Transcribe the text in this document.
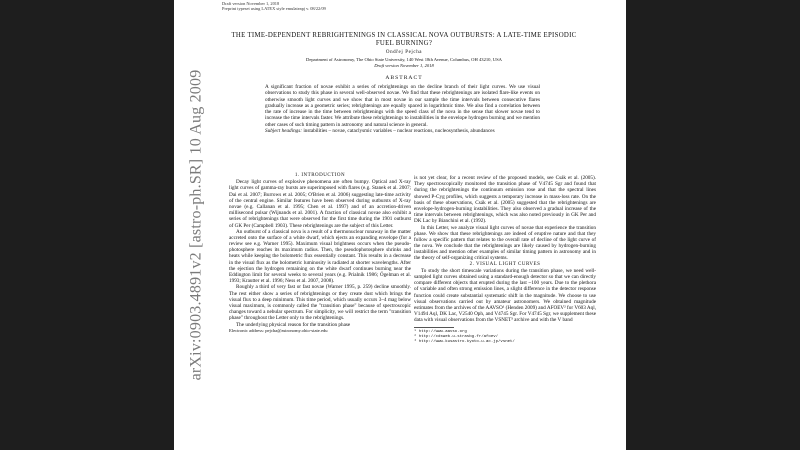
arXiv:0903.4891v2 [astro-ph.SR] 10 Aug 2009
Draft version November 1, 2018
Preprint typeset using LATEX style emulateapj v. 08/22/09
THE TIME-DEPENDENT REBRIGHTENINGS IN CLASSICAL NOVA OUTBURSTS: A LATE-TIME EPISODIC FUEL BURNING?
Ondřej Pejcha
Department of Astronomy, The Ohio State University, 140 West 18th Avenue, Columbus, OH 43210, USA
Draft version November 1, 2018
ABSTRACT

A significant fraction of novae exhibit a series of rebrightenings on the decline branch of their light curves. We use visual observations to study this phase in several well-observed novae. We find that these rebrightenings are isolated flare-like events on otherwise smooth light curves and we show that in most novae in our sample the time intervals between consecutive flares gradually increase as a geometric series; rebrightenings are equally spaced in logarithmic time. We also find a correlation between the rate of increase in the time between rebrightenings with the speed class of the nova in the sense that slower novae tend to increase the time intervals faster. We attribute these rebrightenings to instabilities in the envelope hydrogen burning and we mention other cases of such timing pattern in astronomy and natural science in general.

Subject headings: instabilities – novae, cataclysmic variables – nuclear reactions, nucleosynthesis, abundances

1. INTRODUCTION

Decay light curves of explosive phenomena are often bumpy. Optical and X-ray light curves of gamma-ray bursts are superimposed with flares (e.g. Stanek et al. 2007; Dai et al. 2007; Burrows et al. 2005; O'Brien et al. 2006) suggesting late-time activity of the central engine. Similar features have been observed during outbursts of X-ray novae (e.g. Callanan et al. 1995; Chen et al. 1997) and of an accretion-driven millisecond pulsar (Wijnands et al. 2001). A fraction of classical novae also exhibit a series of rebrightenings that were observed for the first time during the 1901 outburst of GK Per (Campbell 1903). These rebrightenings are the subject of this Letter.

An outburst of a classical nova is a result of a thermonuclear runaway in the matter accreted onto the surface of a white dwarf, which ejects an expanding envelope (for a review see e.g. Warner 1995). Maximum visual brightness occurs when the pseudo-photosphere reaches its maximum radius. Then, the pseudophotosphere shrinks and heats while keeping the bolometric flux essentially constant. This results in a decrease in the visual flux as the bolometric luminosity is radiated at shorter wavelengths. After the ejection the hydrogen remaining on the white dwarf continues burning near the Eddington limit for several weeks to several years (e.g. Prialnik 1986; Ögelman et al. 1993; Krautter et al. 1996; Ness et al. 2007, 2008).

Roughly a third of very fast or fast novae (Warner 1995, p. 259) decline smoothly. The rest either show a series of rebrightenings or they create dust which brings the visual flux to a deep minimum. This time period, which usually occurs 3–4 mag below visual maximum, is commonly called the "transition phase" because of spectroscopic changes toward a nebular spectrum. For simplicity, we will restrict the term "transition phase" throughout the Letter only to the rebrightenings.

The underlying physical reason for the transition phase

Electronic address: pejcha@astronomy.ohio-state.edu

is not yet clear, for a recent review of the proposed models, see Csák et al. (2005). They spectroscopically monitored the transition phase of V4745 Sgr and found that during the rebrightenings the continuum emission rose and that the spectral lines showed P-Cyg profiles, which suggests a temporary increase in mass-loss rate. On the basis of these observations, Csák et al. (2005) suggested that the rebrightenings are envelope-hydrogen-burning instabilities. They also observed a gradual increase of the time intervals between rebrightenings, which was also noted previously in GK Per and DK Lac by Bianchini et al. (1992).

In this Letter, we analyze visual light curves of novae that experience the transition phase. We show that these rebrightenings are indeed of eruptive nature and that they follow a specific pattern that relates to the overall rate of decline of the light curve of the nova. We conclude that the rebrightenings are likely caused by hydrogen-burning instabilities and mention other examples of similar timing pattern in astronomy and in the theory of self-organizing critical systems.

2. VISUAL LIGHT CURVES

To study the short timescale variations during the transition phase, we need well-sampled light curves obtained using a standard-enough detector so that we can directly compare different objects that erupted during the last ~100 years. Due to the plethora of variable and often strong emission lines, a slight difference in the detector response function could create substantial systematic shift in the magnitude. We choose to use visual observations carried out by amateur astronomers. We obtained magnitude estimates from the archives of the AAVSO¹ (Henden 2009) and AFOEV² for V603 Aql, V1494 Aql, DK Lac, V2540 Oph, and V4745 Sgr. For V4745 Sgr, we supplement these data with visual observations from the VSNET³ archive and with the V band

¹ http://www.aavso.org

² http://cdsweb.u-strasbg.fr/afoev/

³ http://www.kusastro.kyoto-u.ac.jp/vsnet/
